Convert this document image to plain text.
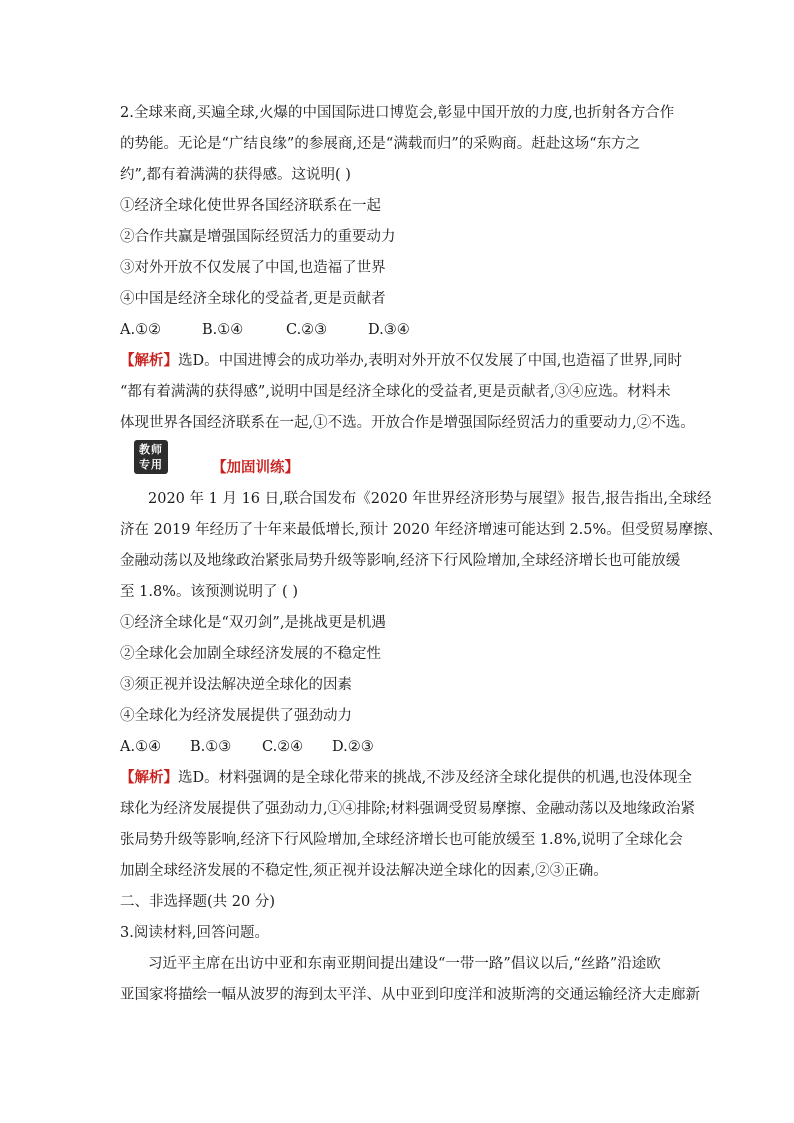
2.全球来商,买遍全球,火爆的中国国际进口博览会,彰显中国开放的力度,也折射各方合作
的势能。无论是“广结良缘”的参展商,还是“满载而归”的采购商。赶赴这场“东方之
约”,都有着满满的获得感。这说明( )
①经济全球化使世界各国经济联系在一起
②合作共赢是增强国际经贸活力的重要动力
③对外开放不仅发展了中国,也造福了世界
④中国是经济全球化的受益者,更是贡献者
A.①②	B.①④	C.②③	D.③④
【解析】选D。中国进博会的成功举办,表明对外开放不仅发展了中国,也造福了世界,同时
“都有着满满的获得感”,说明中国是经济全球化的受益者,更是贡献者,③④应选。材料未
体现世界各国经济联系在一起,①不选。开放合作是增强国际经贸活力的重要动力,②不选。
教师
专用	【加固训练】
2020 年 1 月 16 日,联合国发布《2020 年世界经济形势与展望》报告,报告指出,全球经
济在 2019 年经历了十年来最低增长,预计 2020 年经济增速可能达到 2.5%。但受贸易摩擦、
金融动荡以及地缘政治紧张局势升级等影响,经济下行风险增加,全球经济增长也可能放缓
至 1.8%。该预测说明了 ( )
①经济全球化是“双刃剑”,是挑战更是机遇
②全球化会加剧全球经济发展的不稳定性
③须正视并设法解决逆全球化的因素
④全球化为经济发展提供了强劲动力
A.①④ B.①③ C.②④ D.②③
【解析】选D。材料强调的是全球化带来的挑战,不涉及经济全球化提供的机遇,也没体现全
球化为经济发展提供了强劲动力,①④排除;材料强调受贸易摩擦、金融动荡以及地缘政治紧
张局势升级等影响,经济下行风险增加,全球经济增长也可能放缓至 1.8%,说明了全球化会
加剧全球经济发展的不稳定性,须正视并设法解决逆全球化的因素,②③正确。
二、非选择题(共 20 分)
3.阅读材料,回答问题。
习近平主席在出访中亚和东南亚期间提出建设“一带一路”倡议以后,“丝路”沿途欧
亚国家将描绘一幅从波罗的海到太平洋、从中亚到印度洋和波斯湾的交通运输经济大走廊新
